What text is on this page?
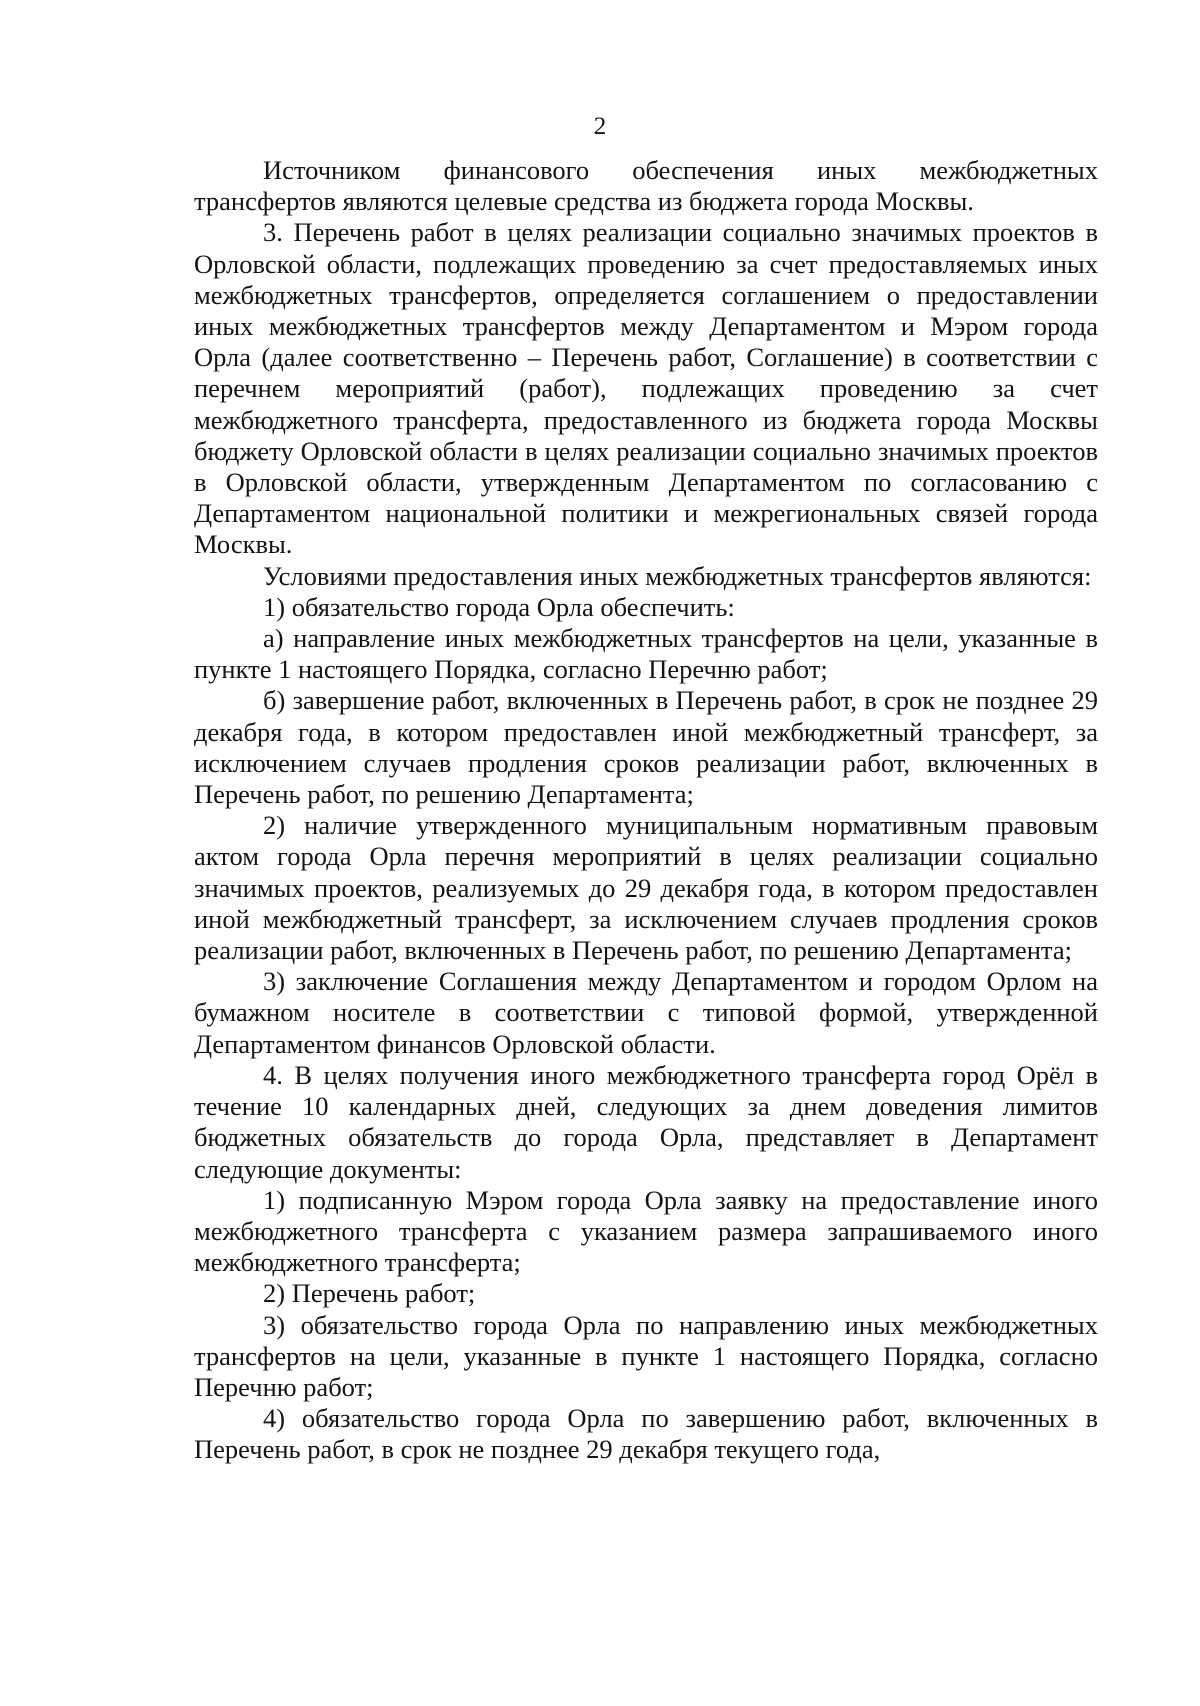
2

Источником финансового обеспечения иных межбюджетных трансфертов являются целевые средства из бюджета города Москвы.

3. Перечень работ в целях реализации социально значимых проектов в Орловской области, подлежащих проведению за счет предоставляемых иных межбюджетных трансфертов, определяется соглашением о предоставлении иных межбюджетных трансфертов между Департаментом и Мэром города Орла (далее соответственно – Перечень работ, Соглашение) в соответствии с перечнем мероприятий (работ), подлежащих проведению за счет межбюджетного трансферта, предоставленного из бюджета города Москвы бюджету Орловской области в целях реализации социально значимых проектов в Орловской области, утвержденным Департаментом по согласованию с Департаментом национальной политики и межрегиональных связей города Москвы.

Условиями предоставления иных межбюджетных трансфертов являются:

1) обязательство города Орла обеспечить:

а) направление иных межбюджетных трансфертов на цели, указанные в пункте 1 настоящего Порядка, согласно Перечню работ;

б) завершение работ, включенных в Перечень работ, в срок не позднее 29 декабря года, в котором предоставлен иной межбюджетный трансферт, за исключением случаев продления сроков реализации работ, включенных в Перечень работ, по решению Департамента;

2) наличие утвержденного муниципальным нормативным правовым актом города Орла перечня мероприятий в целях реализации социально значимых проектов, реализуемых до 29 декабря года, в котором предоставлен иной межбюджетный трансферт, за исключением случаев продления сроков реализации работ, включенных в Перечень работ, по решению Департамента;

3) заключение Соглашения между Департаментом и городом Орлом на бумажном носителе в соответствии с типовой формой, утвержденной Департаментом финансов Орловской области.

4. В целях получения иного межбюджетного трансферта город Орёл в течение 10 календарных дней, следующих за днем доведения лимитов бюджетных обязательств до города Орла, представляет в Департамент следующие документы:

1) подписанную Мэром города Орла заявку на предоставление иного межбюджетного трансферта с указанием размера запрашиваемого иного межбюджетного трансферта;

2) Перечень работ;

3) обязательство города Орла по направлению иных межбюджетных трансфертов на цели, указанные в пункте 1 настоящего Порядка, согласно Перечню работ;

4) обязательство города Орла по завершению работ, включенных в Перечень работ, в срок не позднее 29 декабря текущего года,
